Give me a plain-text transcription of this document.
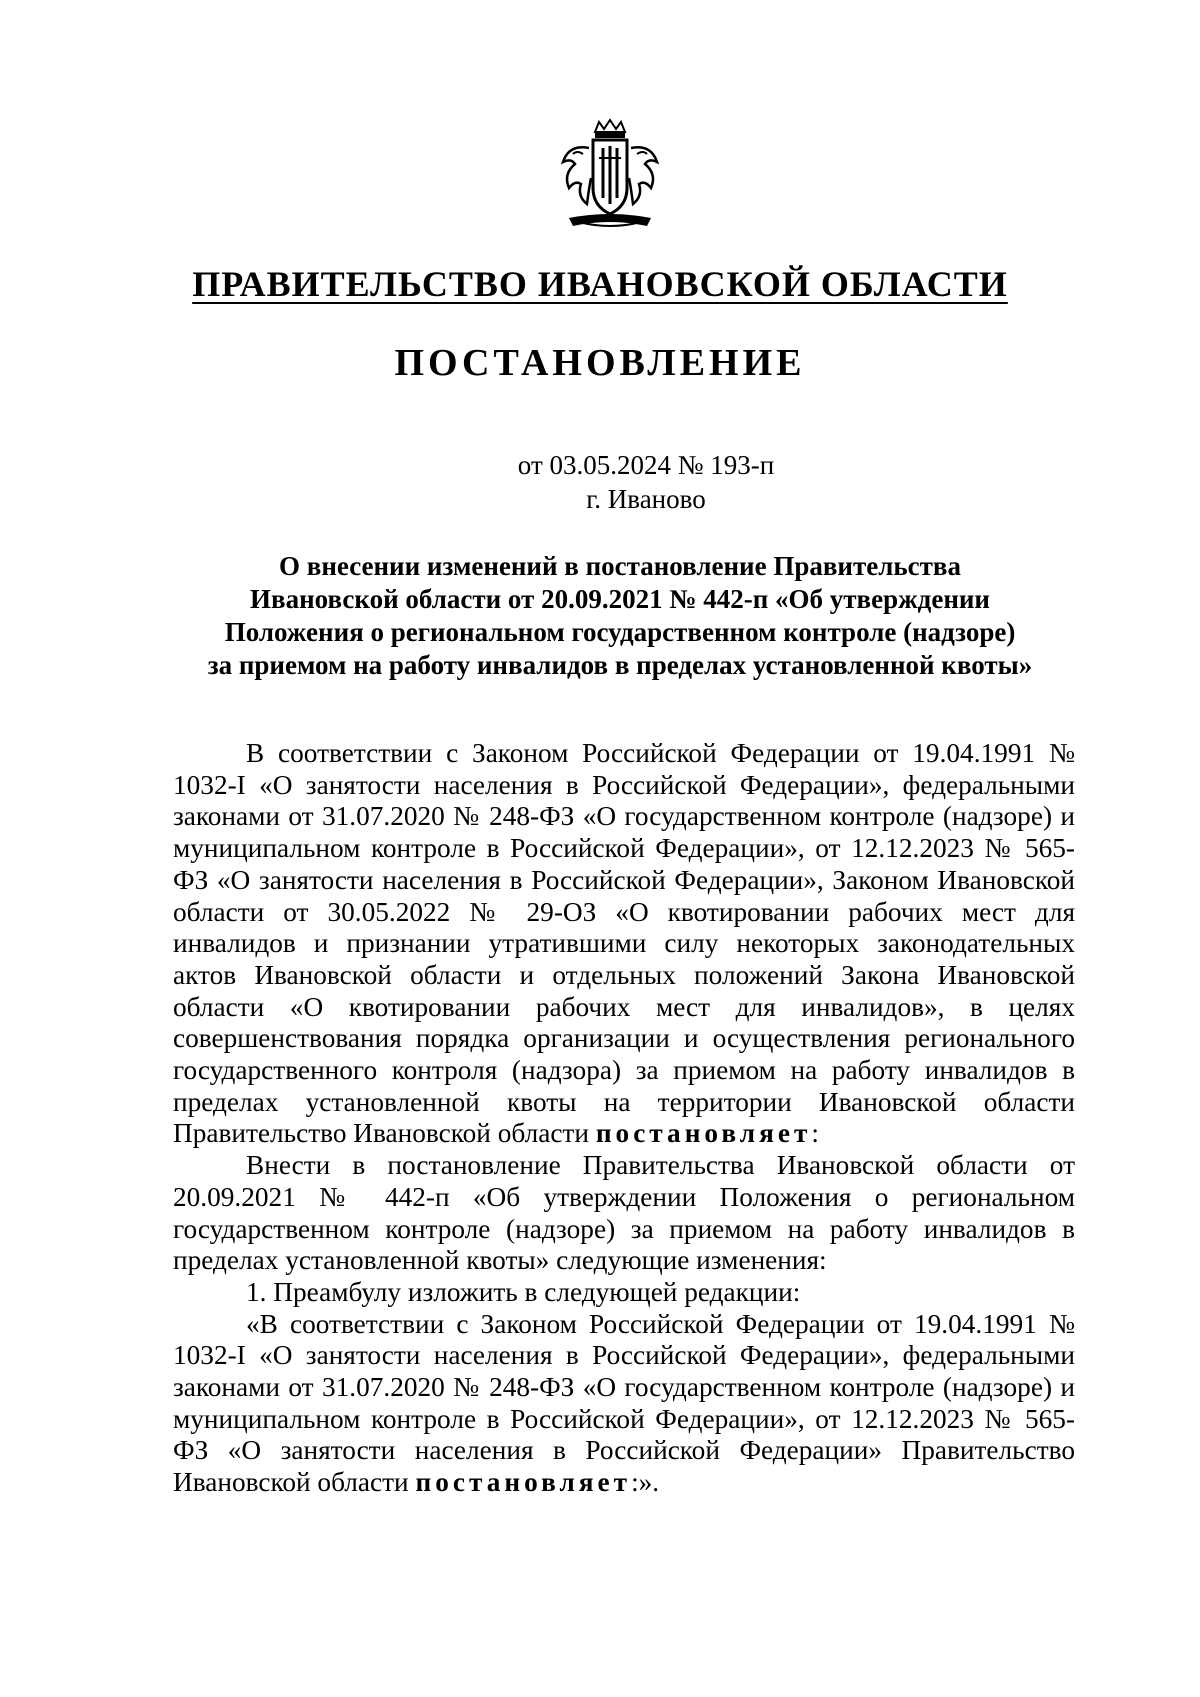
ПРАВИТЕЛЬСТВО ИВАНОВСКОЙ ОБЛАСТИ
ПОСТАНОВЛЕНИЕ
от 03.05.2024 № 193-п
г. Иваново
О внесении изменений в постановление Правительства
Ивановской области от 20.09.2021 № 442-п «Об утверждении
Положения о региональном государственном контроле (надзоре)
за приемом на работу инвалидов в пределах установленной квоты»

В соответствии с Законом Российской Федерации от 19.04.1991 № 1032-I «О занятости населения в Российской Федерации», федеральными законами от 31.07.2020 № 248-ФЗ «О государственном контроле (надзоре) и муниципальном контроле в Российской Федерации», от 12.12.2023 № 565-ФЗ «О занятости населения в Российской Федерации», Законом Ивановской области от 30.05.2022 № 29-ОЗ «О квотировании рабочих мест для инвалидов и признании утратившими силу некоторых законодательных актов Ивановской области и отдельных положений Закона Ивановской области «О квотировании рабочих мест для инвалидов», в целях совершенствования порядка организации и осуществления регионального государственного контроля (надзора) за приемом на работу инвалидов в пределах установленной квоты на территории Ивановской области Правительство Ивановской области постановляет:

Внести в постановление Правительства Ивановской области от 20.09.2021 № 442-п «Об утверждении Положения о региональном государственном контроле (надзоре) за приемом на работу инвалидов в пределах установленной квоты» следующие изменения:

1. Преамбулу изложить в следующей редакции:

«В соответствии с Законом Российской Федерации от 19.04.1991 № 1032-I «О занятости населения в Российской Федерации», федеральными законами от 31.07.2020 № 248-ФЗ «О государственном контроле (надзоре) и муниципальном контроле в Российской Федерации», от 12.12.2023 № 565-ФЗ «О занятости населения в Российской Федерации» Правительство Ивановской области постановляет:».
